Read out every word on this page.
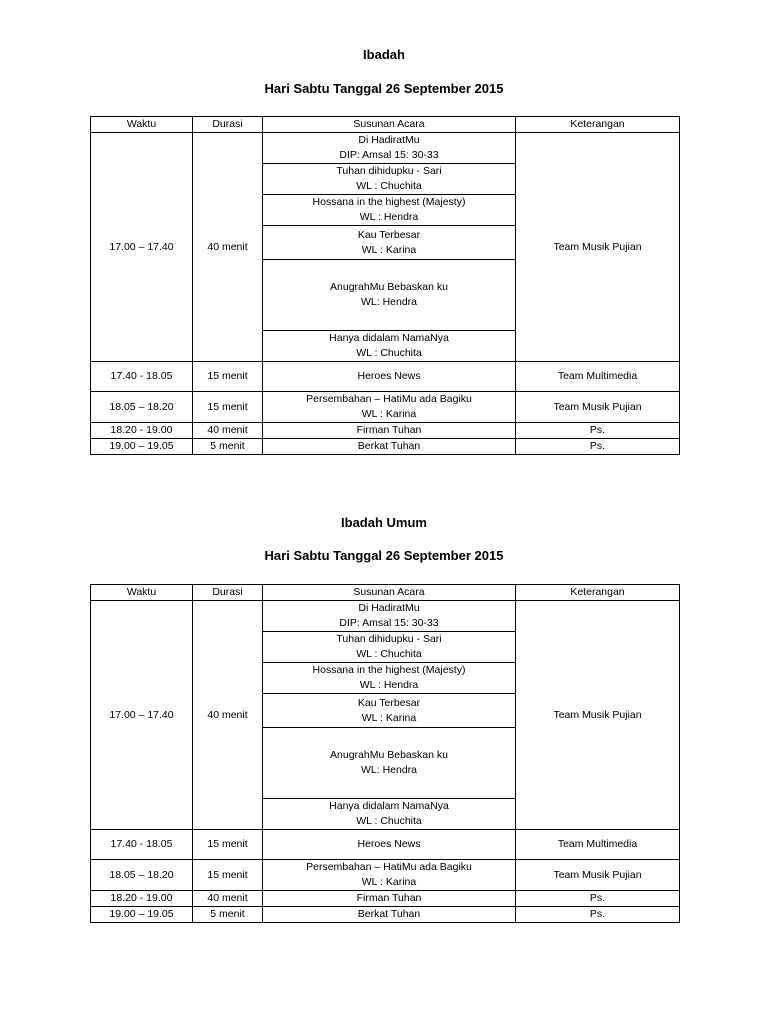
Ibadah
Hari Sabtu Tanggal 26 September 2015
Waktu	Durasi	Susunan Acara	Keterangan
17.00 – 17.40	40 menit	Di HadiratMu
DIP: Amsal 15: 30-33	Team Musik Pujian

		Tuhan dihidupku - Sari
WL : Chuchita	

		Hossana in the highest (Majesty)
WL : Hendra	

		Kau Terbesar
WL : Karina	

		AnugrahMu Bebaskan ku
WL: Hendra	

		Hanya didalam NamaNya
WL : Chuchita	

17.40 - 18.05	15 menit	Heroes News	Team Multimedia
18.05 – 18.20	15 menit	Persembahan – HatiMu ada Bagiku
WL : Karina	Team Musik Pujian
18.20 - 19.00	40 menit	Firman Tuhan	Ps.
19.00 – 19.05	5 menit	Berkat Tuhan	Ps.
Ibadah Umum
Hari Sabtu Tanggal 26 September 2015
Waktu	Durasi	Susunan Acara	Keterangan
17.00 – 17.40	40 menit	Di HadiratMu
DIP: Amsal 15: 30-33	Team Musik Pujian

		Tuhan dihidupku - Sari
WL : Chuchita	

		Hossana in the highest (Majesty)
WL : Hendra	

		Kau Terbesar
WL : Karina	

		AnugrahMu Bebaskan ku
WL: Hendra	

		Hanya didalam NamaNya
WL : Chuchita	

17.40 - 18.05	15 menit	Heroes News	Team Multimedia
18.05 – 18.20	15 menit	Persembahan – HatiMu ada Bagiku
WL : Karina	Team Musik Pujian
18.20 - 19.00	40 menit	Firman Tuhan	Ps.
19.00 – 19.05	5 menit	Berkat Tuhan	Ps.
